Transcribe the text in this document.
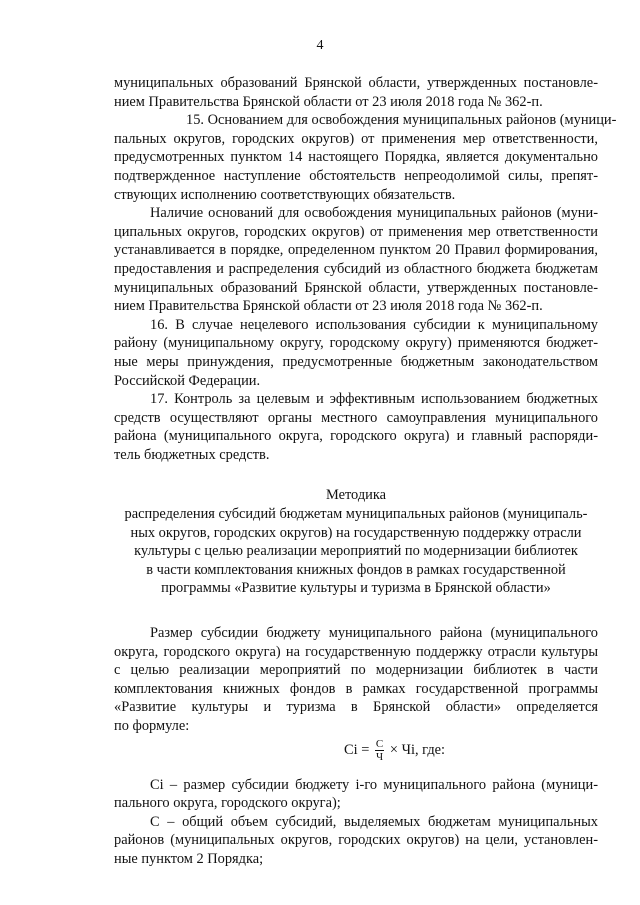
4
муниципальных образований Брянской области, утвержденных постановле-
нием Правительства Брянской области от 23 июля 2018 года № 362-п.
15. Основанием для освобождения муниципальных районов (муници-
пальных округов, городских округов) от применения мер ответственности,
предусмотренных пунктом 14 настоящего Порядка, является документально
подтвержденное наступление обстоятельств непреодолимой силы, препят-
ствующих исполнению соответствующих обязательств.
Наличие оснований для освобождения муниципальных районов (муни-
ципальных округов, городских округов) от применения мер ответственности
устанавливается в порядке, определенном пунктом 20 Правил формирования,
предоставления и распределения субсидий из областного бюджета бюджетам
муниципальных образований Брянской области, утвержденных постановле-
нием Правительства Брянской области от 23 июля 2018 года № 362-п.
16. В случае нецелевого использования субсидии к муниципальному
району (муниципальному округу, городскому округу) применяются бюджет-
ные меры принуждения, предусмотренные бюджетным законодательством
Российской Федерации.
17. Контроль за целевым и эффективным использованием бюджетных
средств осуществляют органы местного самоуправления муниципального
района (муниципального округа, городского округа) и главный распоряди-
тель бюджетных средств.
Методика
распределения субсидий бюджетам муниципальных районов (муниципаль-
ных округов, городских округов) на государственную поддержку отрасли
культуры с целью реализации мероприятий по модернизации библиотек
в части комплектования книжных фондов в рамках государственной
программы «Развитие культуры и туризма в Брянской области»
Размер субсидии бюджету муниципального района (муниципального
округа, городского округа) на государственную поддержку отрасли культуры
с целью реализации мероприятий по модернизации библиотек в части
комплектования книжных фондов в рамках государственной программы
«Развитие культуры и туризма в Брянской области» определяется
по формуле:
$Ci = \frac{C}{Ч}$ × Чi, где:
Ci – размер субсидии бюджету i-го муниципального района (муници-
пального округа, городского округа);
С – общий объем субсидий, выделяемых бюджетам муниципальных
районов (муниципальных округов, городских округов) на цели, установлен-
ные пунктом 2 Порядка;
